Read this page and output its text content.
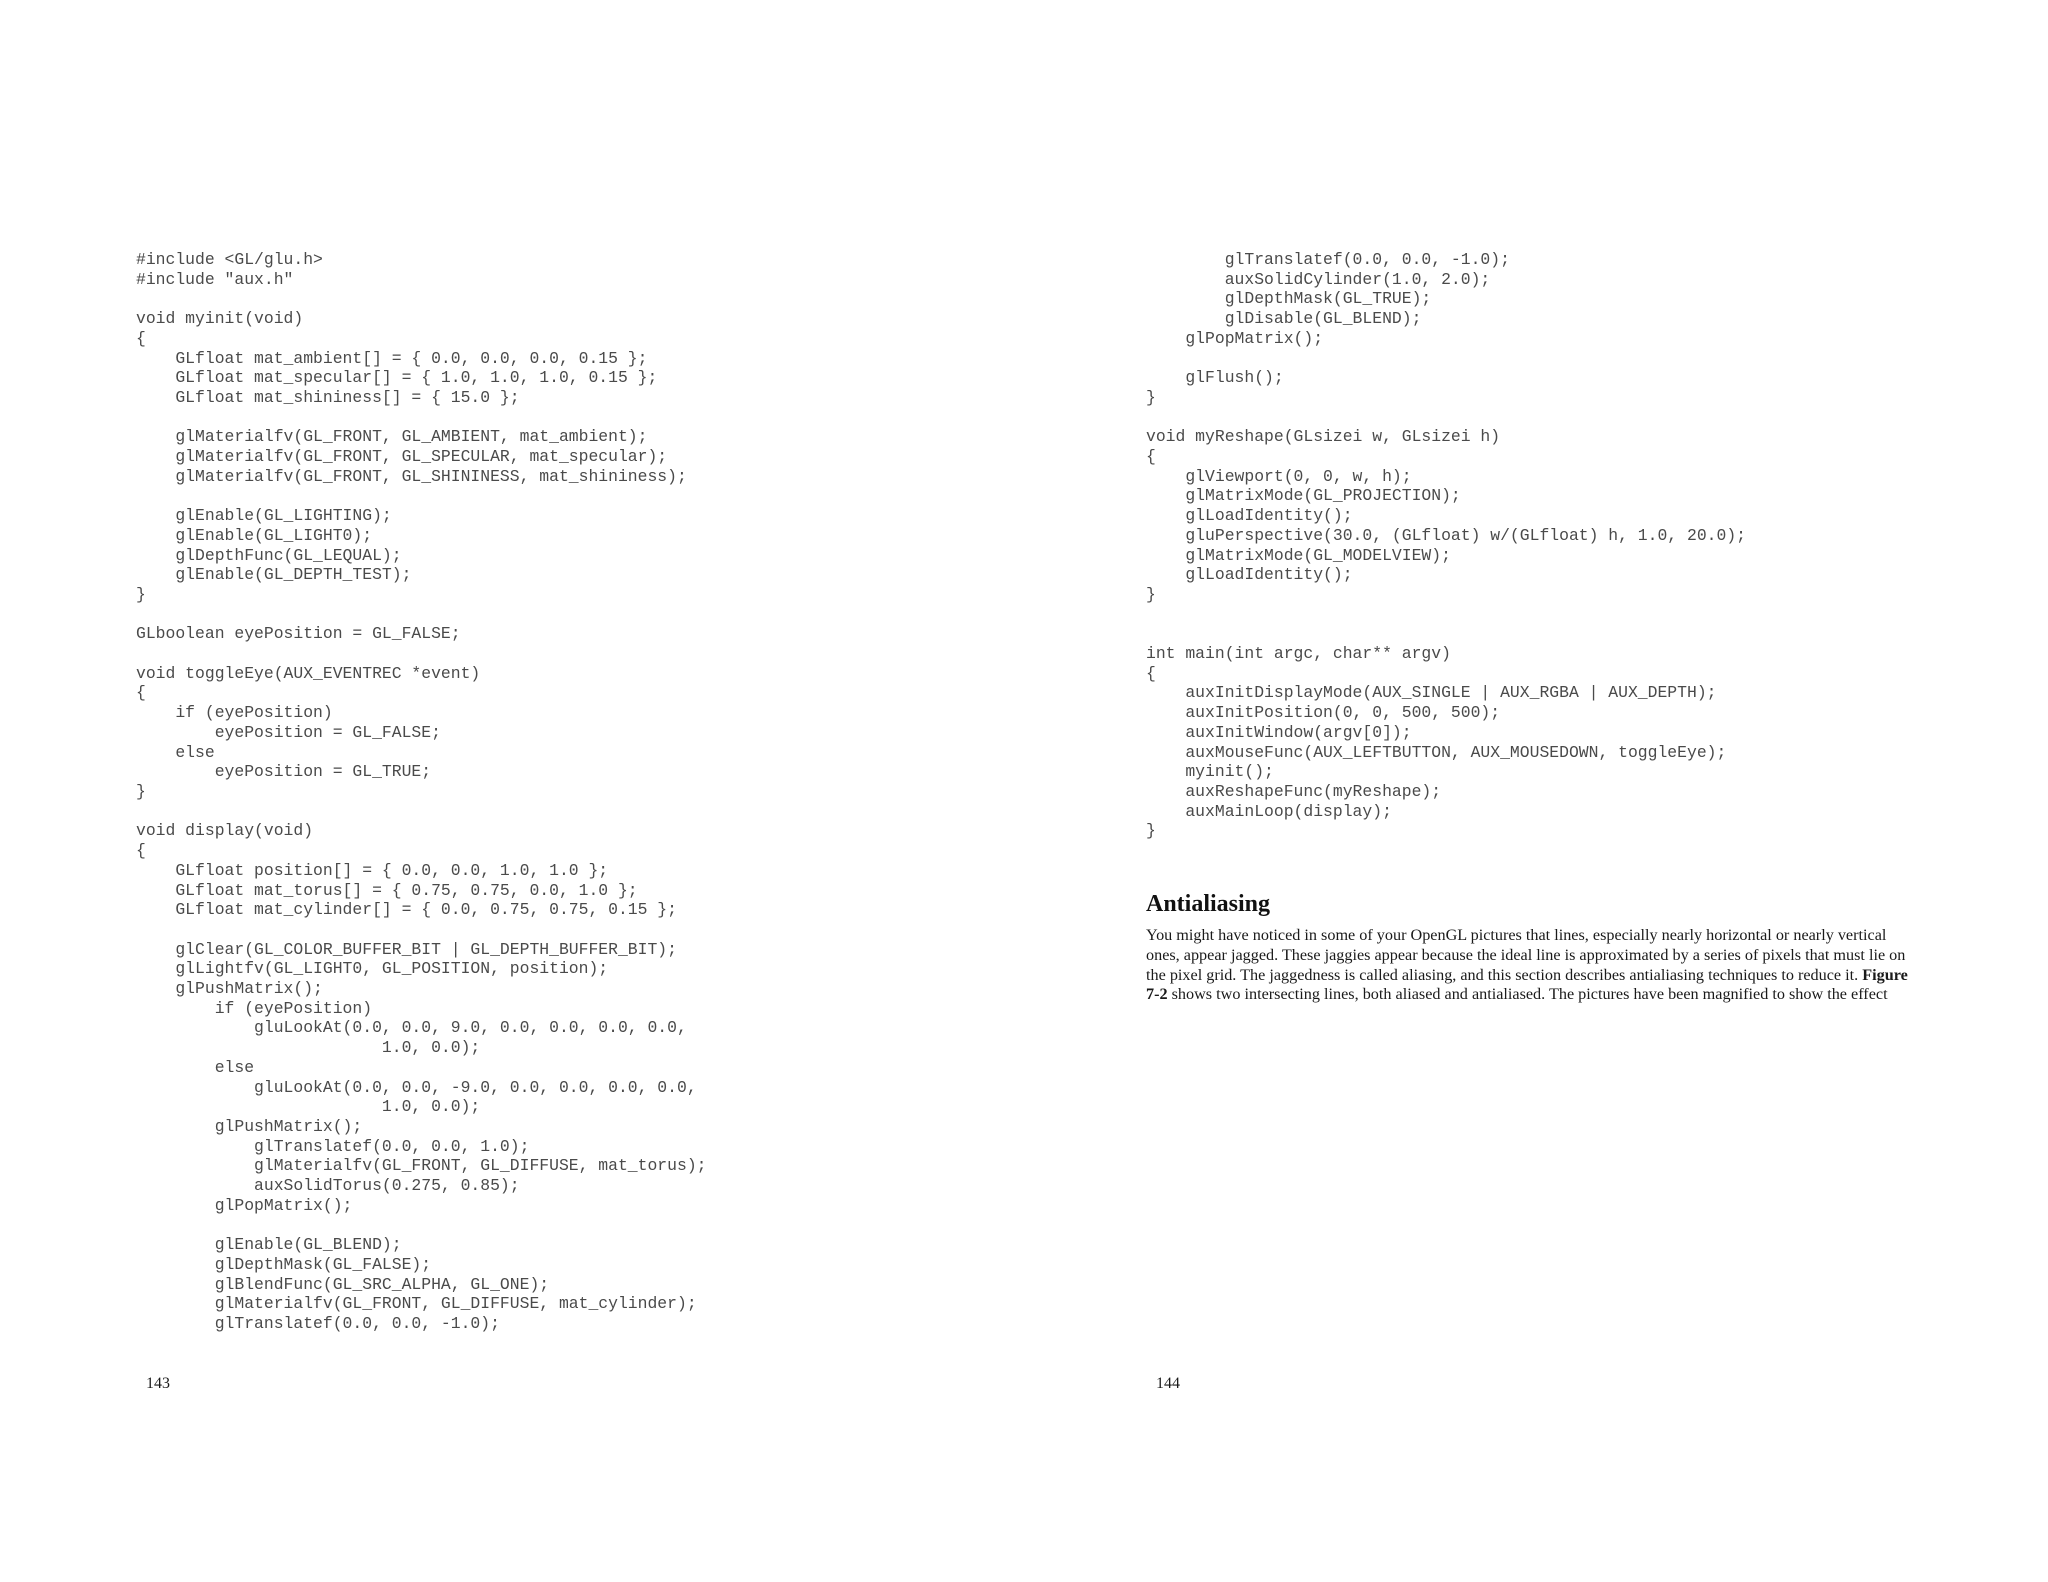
#include <GL/glu.h>
#include "aux.h"

void myinit(void)
{
GLfloat mat_ambient[] = { 0.0, 0.0, 0.0, 0.15 };
GLfloat mat_specular[] = { 1.0, 1.0, 1.0, 0.15 };
GLfloat mat_shininess[] = { 15.0 };

glMaterialfv(GL_FRONT, GL_AMBIENT, mat_ambient);
glMaterialfv(GL_FRONT, GL_SPECULAR, mat_specular);
glMaterialfv(GL_FRONT, GL_SHININESS, mat_shininess);

glEnable(GL_LIGHTING);
glEnable(GL_LIGHT0);
glDepthFunc(GL_LEQUAL);
glEnable(GL_DEPTH_TEST);
}

GLboolean eyePosition = GL_FALSE;

void toggleEye(AUX_EVENTREC *event)
{
if (eyePosition)
eyePosition = GL_FALSE;
else
eyePosition = GL_TRUE;
}

void display(void)
{
GLfloat position[] = { 0.0, 0.0, 1.0, 1.0 };
GLfloat mat_torus[] = { 0.75, 0.75, 0.0, 1.0 };
GLfloat mat_cylinder[] = { 0.0, 0.75, 0.75, 0.15 };

glClear(GL_COLOR_BUFFER_BIT | GL_DEPTH_BUFFER_BIT);
glLightfv(GL_LIGHT0, GL_POSITION, position);
glPushMatrix();
if (eyePosition)
gluLookAt(0.0, 0.0, 9.0, 0.0, 0.0, 0.0, 0.0,
1.0, 0.0);
else
gluLookAt(0.0, 0.0, -9.0, 0.0, 0.0, 0.0, 0.0,
1.0, 0.0);
glPushMatrix();
glTranslatef(0.0, 0.0, 1.0);
glMaterialfv(GL_FRONT, GL_DIFFUSE, mat_torus);
auxSolidTorus(0.275, 0.85);
glPopMatrix();

glEnable(GL_BLEND);
glDepthMask(GL_FALSE);
glBlendFunc(GL_SRC_ALPHA, GL_ONE);
glMaterialfv(GL_FRONT, GL_DIFFUSE, mat_cylinder);
glTranslatef(0.0, 0.0, -1.0);
glTranslatef(0.0, 0.0, -1.0);
auxSolidCylinder(1.0, 2.0);
glDepthMask(GL_TRUE);
glDisable(GL_BLEND);
glPopMatrix();

glFlush();
}

void myReshape(GLsizei w, GLsizei h)
{
glViewport(0, 0, w, h);
glMatrixMode(GL_PROJECTION);
glLoadIdentity();
gluPerspective(30.0, (GLfloat) w/(GLfloat) h, 1.0, 20.0);
glMatrixMode(GL_MODELVIEW);
glLoadIdentity();
}

int main(int argc, char** argv)
{
auxInitDisplayMode(AUX_SINGLE | AUX_RGBA | AUX_DEPTH);
auxInitPosition(0, 0, 500, 500);
auxInitWindow(argv[0]);
auxMouseFunc(AUX_LEFTBUTTON, AUX_MOUSEDOWN, toggleEye);
myinit();
auxReshapeFunc(myReshape);
auxMainLoop(display);
}
Antialiasing

You might have noticed in some of your OpenGL pictures that lines, especially nearly horizontal or nearly vertical ones, appear jagged. These jaggies appear because the ideal line is approximated by a series of pixels that must lie on the pixel grid. The jaggedness is called aliasing, and this section describes antialiasing techniques to reduce it. Figure 7-2 shows two intersecting lines, both aliased and antialiased. The pictures have been magnified to show the effect

143	144
